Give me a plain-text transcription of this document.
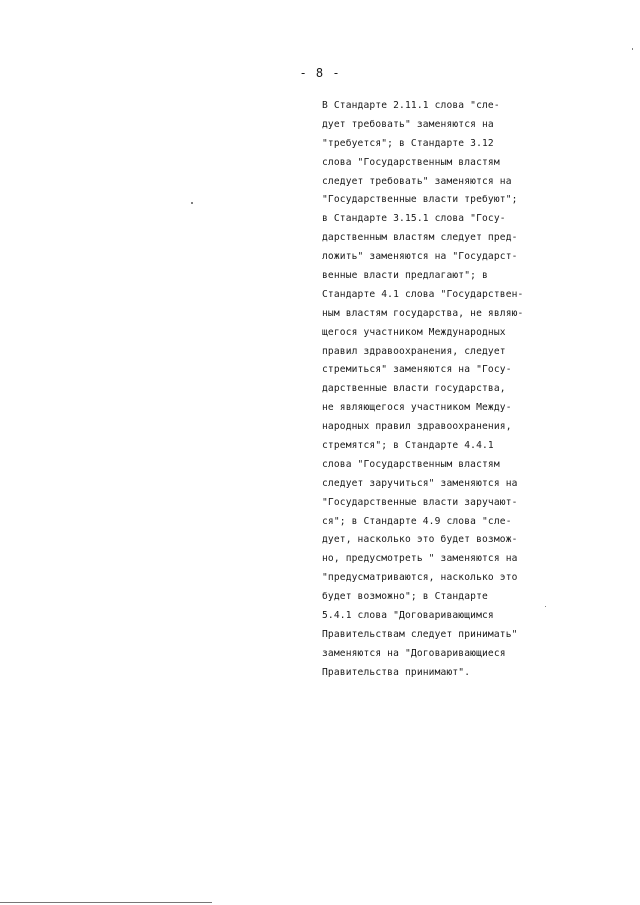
- 8 -
В Стандарте 2.11.1 слова "сле-
дует требовать" заменяются на
"требуется"; в Стандарте 3.12
слова "Государственным властям
следует требовать" заменяются на
"Государственные власти требуют";
в Стандарте 3.15.1 слова "Госу-
дарственным властям следует пред-
ложить" заменяются на "Государст-
венные власти предлагают"; в
Стандарте 4.1 слова "Государствен-
ным властям государства, не являю-
щегося участником Международных
правил здравоохранения, следует
стремиться" заменяются на "Госу-
дарственные власти государства,
не являющегося участником Между-
народных правил здравоохранения,
стремятся"; в Стандарте 4.4.1
слова "Государственным властям
следует заручиться" заменяются на
"Государственные власти заручают-
ся"; в Стандарте 4.9 слова "сле-
дует, насколько это будет возмож-
но, предусмотреть " заменяются на
"предусматриваются, насколько это
будет возможно"; в Стандарте
5.4.1 слова "Договаривающимся
Правительствам следует принимать"
заменяются на "Договаривающиеся
Правительства принимают".
